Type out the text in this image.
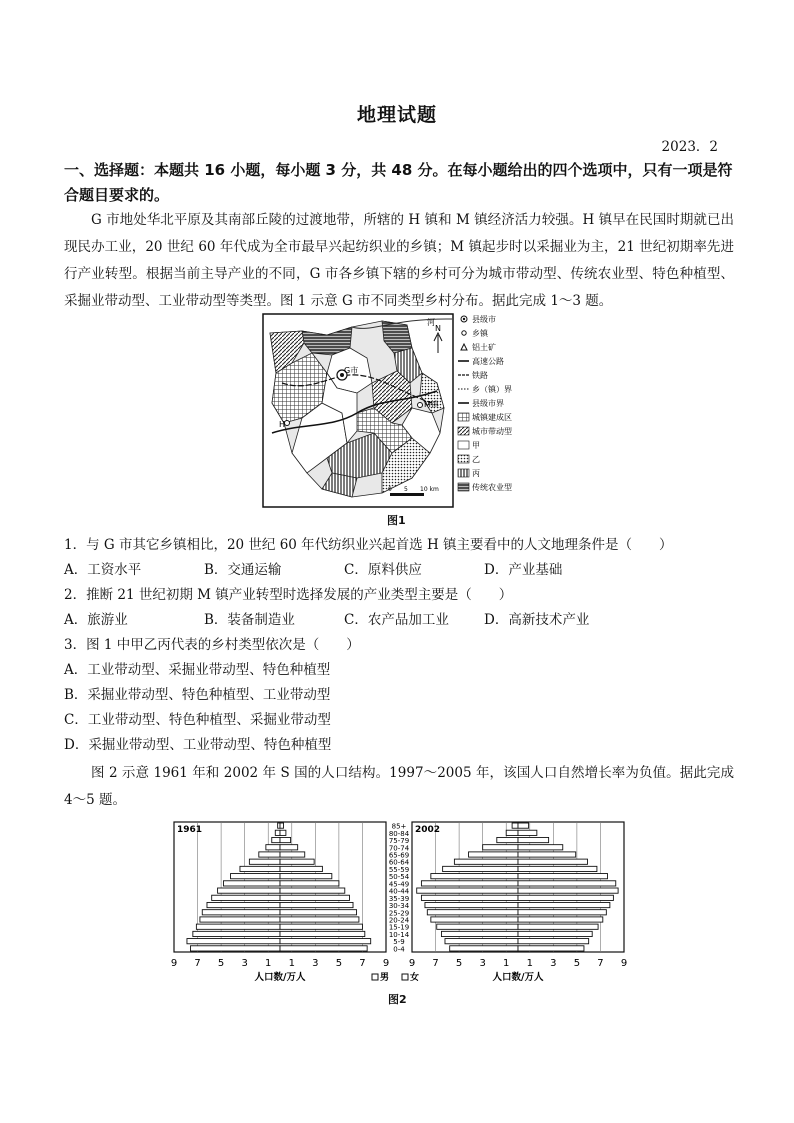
地理试题
2023．2
一、选择题：本题共 16 小题，每小题 3 分，共 48 分。在每小题给出的四个选项中，只有一项是符合题目要求的。
G 市地处华北平原及其南部丘陵的过渡地带，所辖的 H 镇和 M 镇经济活力较强。H 镇早在民国时期就已出现民办工业，20 世纪 60 年代成为全市最早兴起纺织业的乡镇；M 镇起步时以采掘业为主，21 世纪初期率先进行产业转型。根据当前主导产业的不同，G 市各乡镇下辖的乡村可分为城市带动型、传统农业型、特色种植型、采掘业带动型、工业带动型等类型。图 1 示意 G 市不同类型乡村分布。据此完成 1～3 题。
河
G市
M镇
H
N
0 5 10 km
县级市
乡镇
铝土矿
高速公路
铁路
乡（镇）界
县级市界
城镇建成区
城市带动型
甲
乙
丙
传统农业型
图1
1．与 G 市其它乡镇相比，20 世纪 60 年代纺织业兴起首选 H 镇主要看中的人文地理条件是（　　）
A．工资水平	B．交通运输	C．原料供应	D．产业基础
2．推断 21 世纪初期 M 镇产业转型时选择发展的产业类型主要是（　　）
A．旅游业	B．装备制造业	C．农产品加工业	D．高新技术产业
3．图 1 中甲乙丙代表的乡村类型依次是（　　）
A．工业带动型、采掘业带动型、特色种植型
B．采掘业带动型、特色种植型、工业带动型
C．工业带动型、特色种植型、采掘业带动型
D．采掘业带动型、工业带动型、特色种植型
图 2 示意 1961 年和 2002 年 S 国的人口结构。1997～2005 年，该国人口自然增长率为负值。据此完成 4～5 题。
1961
9 7 5 3 1 1 3 5 7 9
人口数/万人
2002
9 7 5 3 1 1 3 5 7 9
人口数/万人
85+
80-84
75-79
70-74
65-69
60-64
55-59
50-54
45-49
40-44
35-39
30-34
25-29
20-24
15-19
10-14
5-9
0-4
男 女
图2
